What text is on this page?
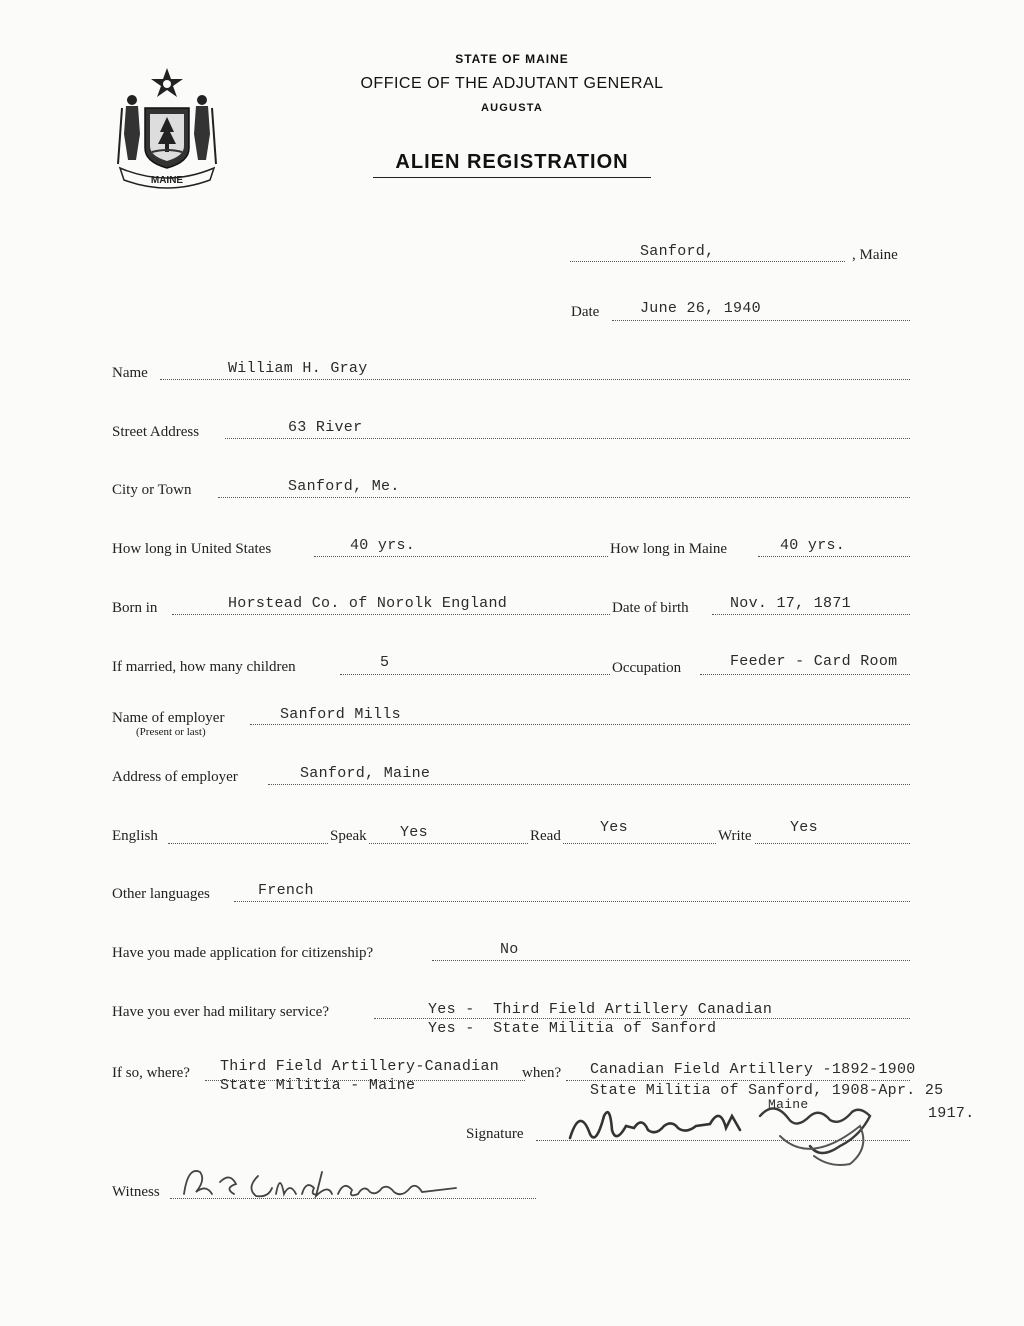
MAINE
STATE OF MAINE
OFFICE OF THE ADJUTANT GENERAL
AUGUSTA
ALIEN REGISTRATION
Sanford,	, Maine
Date	June 26, 1940
Name	William H. Gray
Street Address	63 River
City or Town	Sanford, Me.
How long in United States	40 yrs.	How long in Maine	40 yrs.
Born in	Horstead Co. of Norolk England	Date of birth	Nov. 17, 1871
If married, how many children	5	Occupation	Feeder - Card Room
Name of employer
(Present or last)
Sanford Mills
Address of employer	Sanford, Maine
English	Speak Yes	Read	Yes	Write	Yes
Other languages	French
Have you made application for citizenship?	No
Have you ever had military service?	Yes -  Third Field Artillery Canadian
Yes -  State Militia of Sanford
If so, where? Third Field Artillery-Canadian
State Militia - Maine
when? Canadian Field Artillery -1892-1900
State Militia of Sanford, 1908-Apr. 25
Maine
1917.
Signature
Witness
